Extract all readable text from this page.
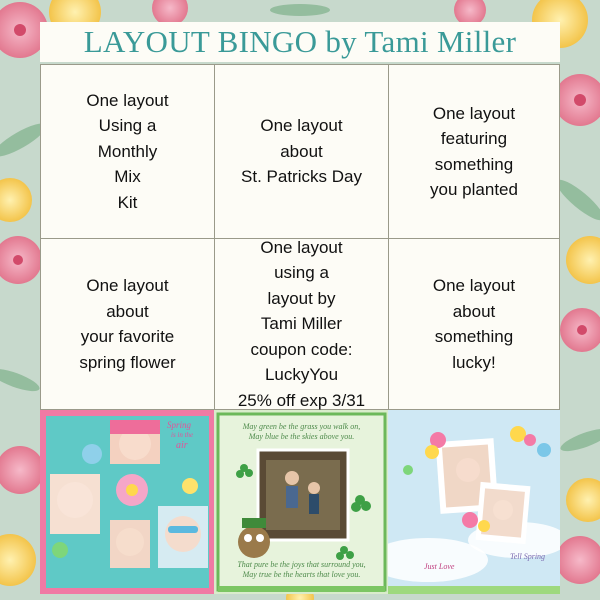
LAYOUT BINGO by Tami Miller
One layout
Using a
Monthly
Mix
Kit
One layout
about
St. Patricks Day
One layout
featuring
something
you planted
One layout
about
your favorite
spring flower
One layout
using a
layout by
Tami Miller
coupon code:
LuckyYou
25% off exp 3/31
One layout
about
something
lucky!
Spring
is in the
air
May green be the grass you walk on,
May blue be the skies above you.
That pure be the joys that surround you,
May true be the hearts that love you.
Just Love
Tell Spring
